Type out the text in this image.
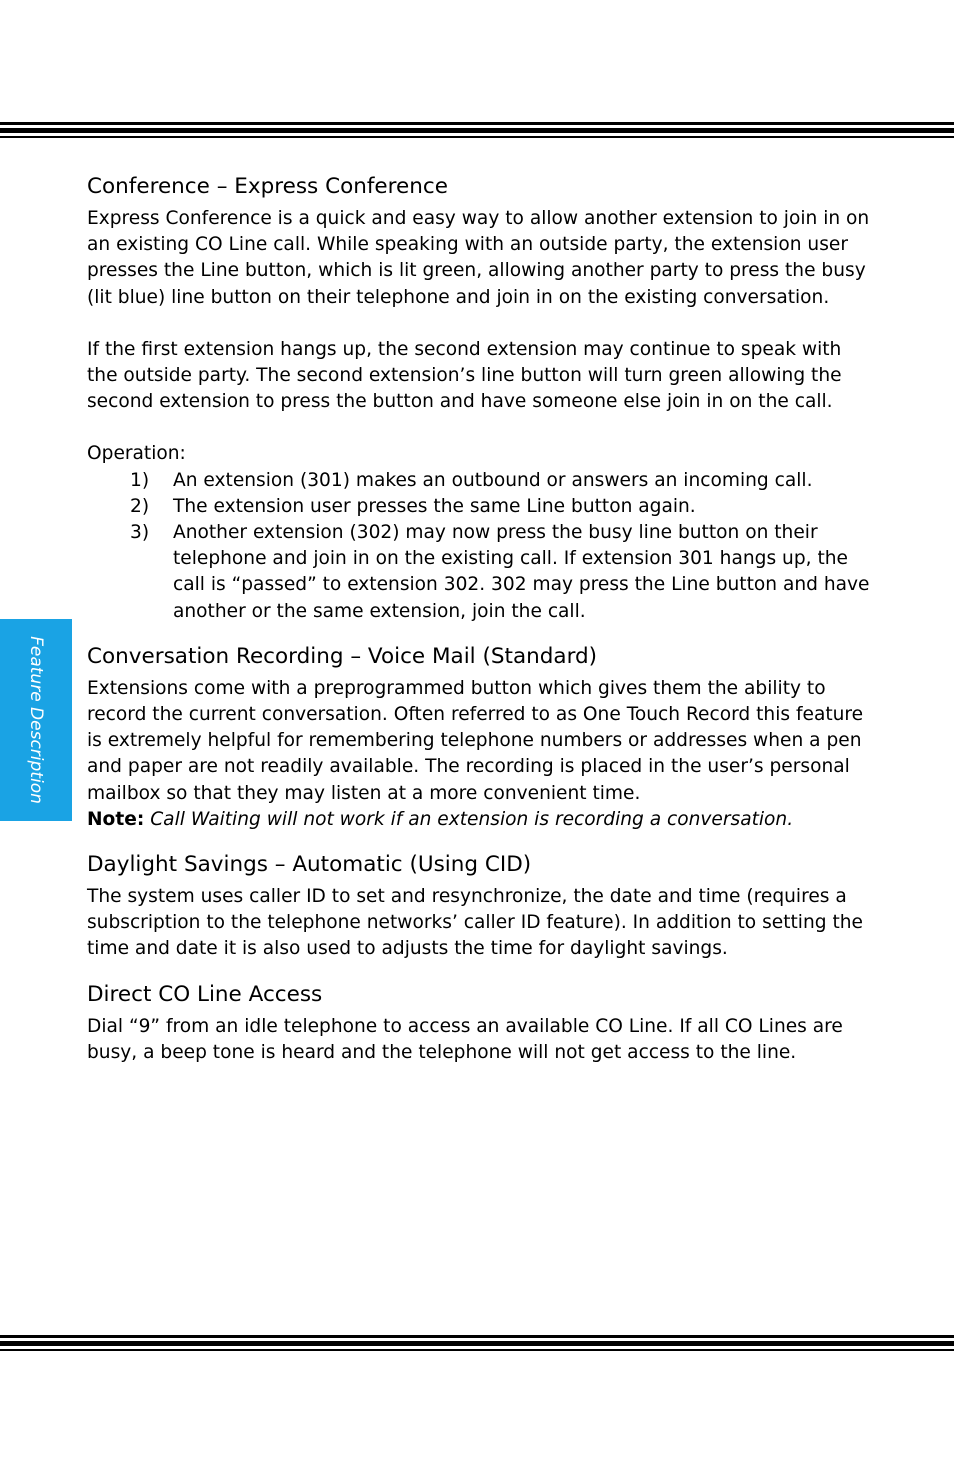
Feature Description
Conference – Express Conference

Express Conference is a quick and easy way to allow another extension to join in on an existing CO Line call. While speaking with an outside party, the extension user presses the Line button, which is lit green, allowing another party to press the busy (lit blue) line button on their telephone and join in on the existing conversation.

If the first extension hangs up, the second extension may continue to speak with the outside party. The second extension’s line button will turn green allowing the second extension to press the button and have someone else join in on the call.

Operation:

1) An extension (301) makes an outbound or answers an incoming call.
2) The extension user presses the same Line button again.
3) Another extension (302) may now press the busy line button on their telephone and join in on the existing call. If extension 301 hangs up, the call is “passed” to extension 302. 302 may press the Line button and have another or the same extension, join the call.
Conversation Recording – Voice Mail (Standard)

Extensions come with a preprogrammed button which gives them the ability to record the current conversation. Often referred to as One Touch Record this feature is extremely helpful for remembering telephone numbers or addresses when a pen and paper are not readily available. The recording is placed in the user’s personal mailbox so that they may listen at a more convenient time.

Note: Call Waiting will not work if an extension is recording a conversation.

Daylight Savings – Automatic (Using CID)

The system uses caller ID to set and resynchronize, the date and time (requires a subscription to the telephone networks’ caller ID feature). In addition to setting the time and date it is also used to adjusts the time for daylight savings.

Direct CO Line Access

Dial “9” from an idle telephone to access an available CO Line. If all CO Lines are busy, a beep tone is heard and the telephone will not get access to the line.
